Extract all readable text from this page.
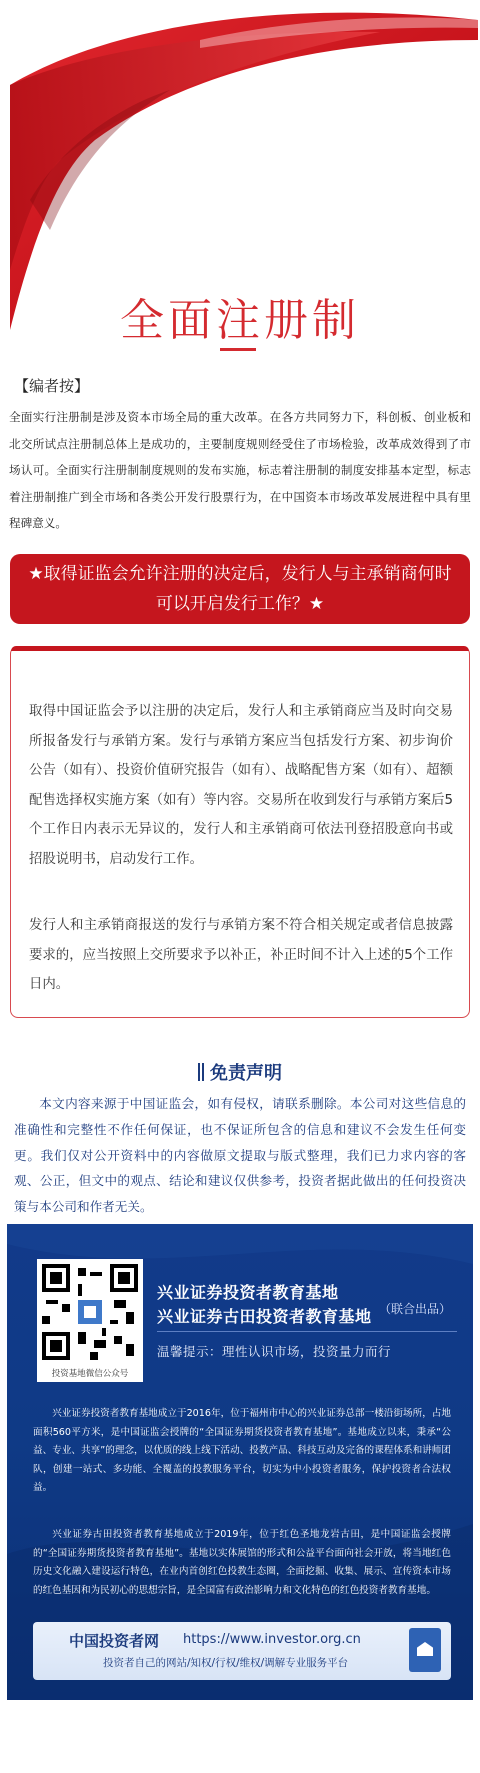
全面注册制
【编者按】
全面实行注册制是涉及资本市场全局的重大改革。在各方共同努力下，科创板、创业板和北交所试点注册制总体上是成功的，主要制度规则经受住了市场检验，改革成效得到了市场认可。全面实行注册制制度规则的发布实施，标志着注册制的制度安排基本定型，标志着注册制推广到全市场和各类公开发行股票行为，在中国资本市场改革发展进程中具有里程碑意义。
★取得证监会允许注册的决定后，发行人与主承销商何时可以开启发行工作？★

取得中国证监会予以注册的决定后，发行人和主承销商应当及时向交易所报备发行与承销方案。发行与承销方案应当包括发行方案、初步询价公告（如有）、投资价值研究报告（如有）、战略配售方案（如有）、超额配售选择权实施方案（如有）等内容。交易所在收到发行与承销方案后5个工作日内表示无异议的，发行人和主承销商可依法刊登招股意向书或招股说明书，启动发行工作。

发行人和主承销商报送的发行与承销方案不符合相关规定或者信息披露要求的，应当按照上交所要求予以补正，补正时间不计入上述的5个工作日内。

免责声明
本文内容来源于中国证监会，如有侵权，请联系删除。本公司对这些信息的准确性和完整性不作任何保证，也不保证所包含的信息和建议不会发生任何变更。我们仅对公开资料中的内容做原文提取与版式整理，我们已力求内容的客观、公正，但文中的观点、结论和建议仅供参考，投资者据此做出的任何投资决策与本公司和作者无关。
投资基地微信公众号
兴业证券投资者教育基地
兴业证券古田投资者教育基地 （联合出品）
温馨提示：理性认识市场，投资量力而行

兴业证券投资者教育基地成立于2016年，位于福州市中心的兴业证券总部一楼沿街场所，占地面积560平方米，是中国证监会授牌的“全国证券期货投资者教育基地”。基地成立以来，秉承“公益、专业、共享”的理念，以优质的线上线下活动、投教产品、科技互动及完备的课程体系和讲师团队，创建一站式、多功能、全覆盖的投教服务平台，切实为中小投资者服务，保护投资者合法权益。

兴业证券古田投资者教育基地成立于2019年，位于红色圣地龙岩古田，是中国证监会授牌的“全国证券期货投资者教育基地”。基地以实体展馆的形式和公益平台面向社会开放，将当地红色历史文化融入建设运行特色，在业内首创红色投教生态圈，全面挖掘、收集、展示、宣传资本市场的红色基因和为民初心的思想宗旨，是全国富有政治影响力和文化特色的红色投资者教育基地。

中国投资者网 https://www.investor.org.cn
投资者自己的网站/知权/行权/维权/调解专业服务平台
